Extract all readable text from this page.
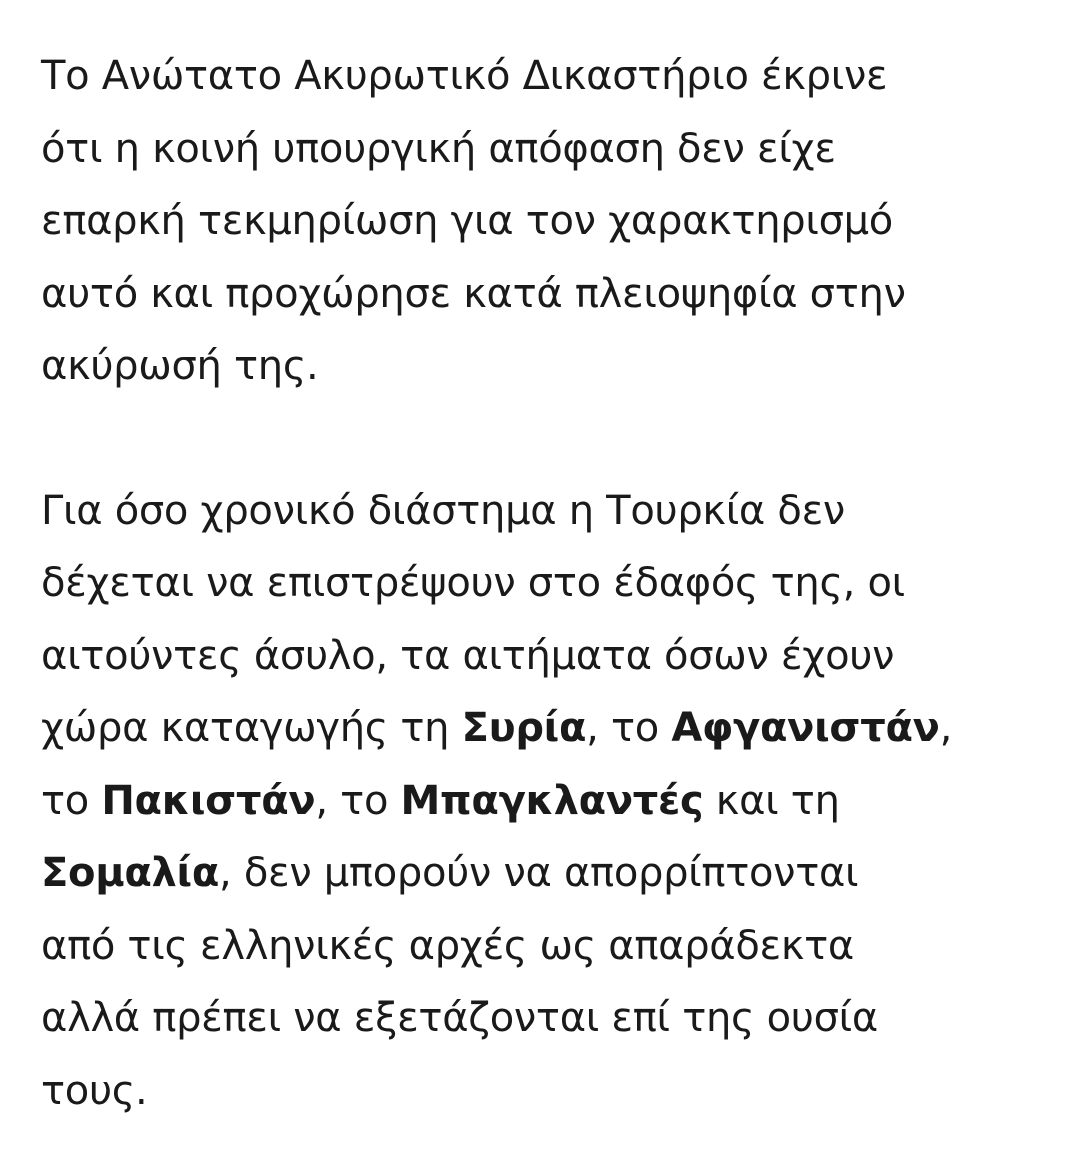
Το Ανώτατο Ακυρωτικό Δικαστήριο έκρινε
ότι η κοινή υπουργική απόφαση δεν είχε
επαρκή τεκμηρίωση για τον χαρακτηρισμό
αυτό και προχώρησε κατά πλειοψηφία στην
ακύρωσή της.

Για όσο χρονικό διάστημα η Τουρκία δεν
δέχεται να επιστρέψουν στο έδαφός της, οι
αιτούντες άσυλο, τα αιτήματα όσων έχουν
χώρα καταγωγής τη Συρία, το Αφγανιστάν,
το Πακιστάν, το Μπαγκλαντές και τη
Σομαλία, δεν μπορούν να απορρίπτονται
από τις ελληνικές αρχές ως απαράδεκτα
αλλά πρέπει να εξετάζονται επί της ουσία
τους.
